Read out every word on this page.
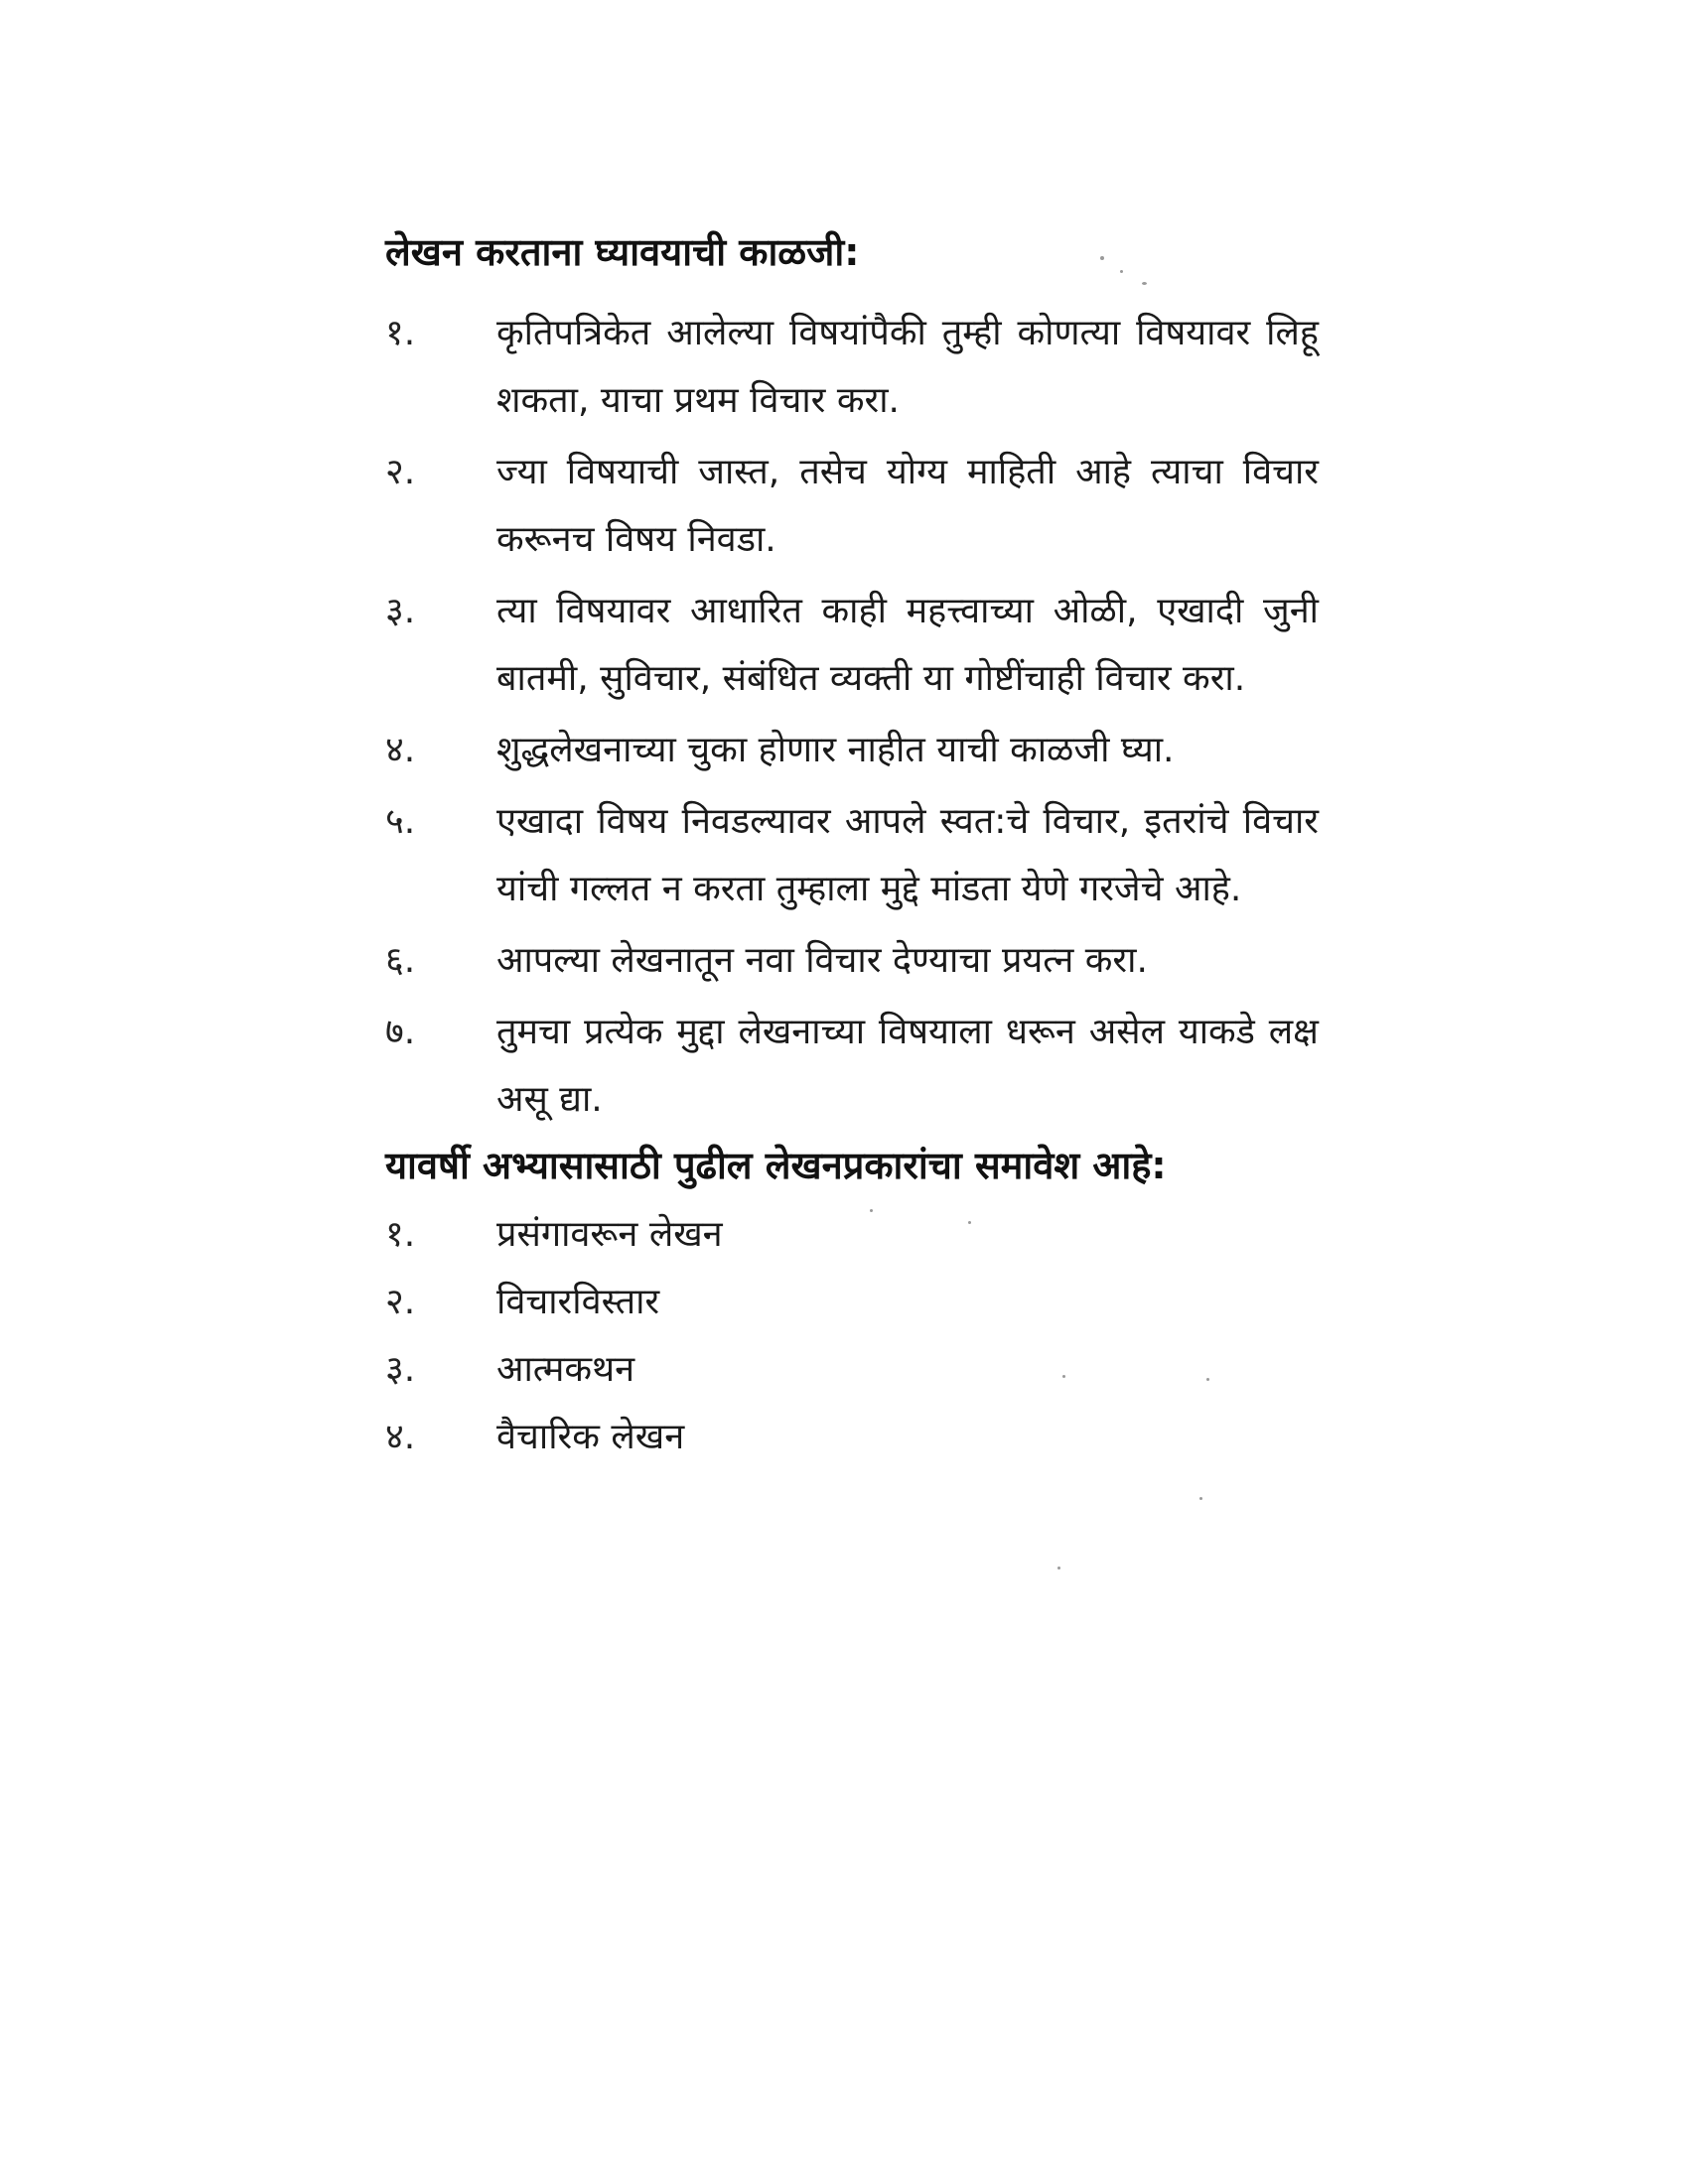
लेखन करताना घ्यावयाची काळजी:
१.	कृतिपत्रिकेत आलेल्या विषयांपैकी तुम्ही कोणत्या विषयावर लिहू शकता, याचा प्रथम विचार करा.
२.	ज्या विषयाची जास्त, तसेच योग्य माहिती आहे त्याचा विचार करूनच विषय निवडा.
३.	त्या विषयावर आधारित काही महत्त्वाच्या ओळी, एखादी जुनी बातमी, सुविचार, संबंधित व्यक्ती या गोष्टींचाही विचार करा.
४.	शुद्धलेखनाच्या चुका होणार नाहीत याची काळजी घ्या.
५.	एखादा विषय निवडल्यावर आपले स्वत:चे विचार, इतरांचे विचार यांची गल्लत न करता तुम्हाला मुद्दे मांडता येणे गरजेचे आहे.
६.	आपल्या लेखनातून नवा विचार देण्याचा प्रयत्न करा.
७.	तुमचा प्रत्येक मुद्दा लेखनाच्या विषयाला धरून असेल याकडे लक्ष असू द्या.
यावर्षी अभ्यासासाठी पुढील लेखनप्रकारांचा समावेश आहे:
१.	प्रसंगावरून लेखन
२.	विचारविस्तार
३.	आत्मकथन
४.	वैचारिक लेखन
